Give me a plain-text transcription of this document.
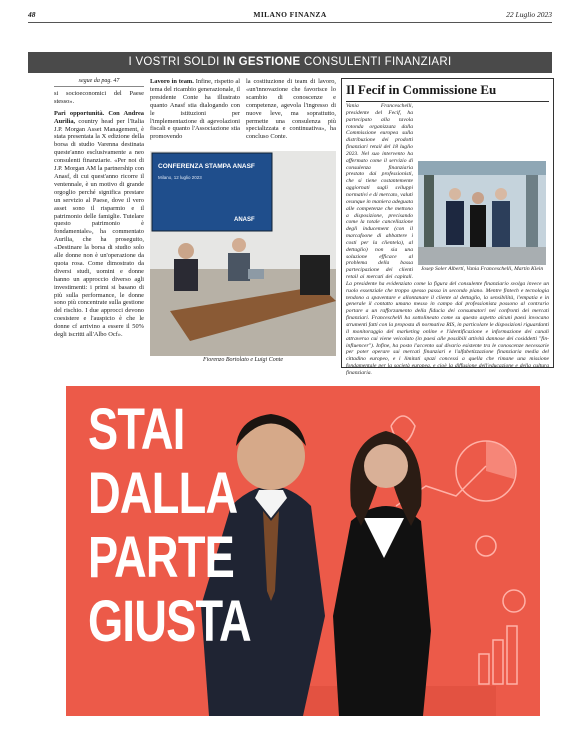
48	MILANO FINANZA	22 Luglio 2023
I VOSTRI SOLDI IN GESTIONE CONSULENTI FINANZIARI
segue da pag. 47

si socioeconomici del Paese stesso».

Pari opportunità. Con Andrea Aurilia, country head per l'Italia J.P. Morgan Asset Management, è stata presentata la X edizione della borsa di studio Varenna destinata queste'anno esclusivamente a neo consulenti finanziarie. «Per noi di J.P. Morgan AM la partnership con Anasf, di cui quest'anno ricorre il ventennale, è un motivo di grande orgoglio perché significa prestare un servizio al Paese, dove il vero asset sono il risparmio e il patrimonio delle famiglie. Tutelare questo patrimonio è fondamentale», ha commentato Aurilia, che ha proseguito, «Destinare la borsa di studio solo alle donne non è un'operazione da quota rosa. Come dimostrato da diversi studi, uomini e donne hanno un approccio diverso agli investimenti: i primi si basano di più sulla performance, le donne sono più concentrate sulla gestione del rischio. I due approcci devono coesistere e l'auspicio è che le donne cf arrivino a essere il 50% degli iscritti all'Albo Ocf».

Lavoro in team. Infine, rispetto al tema del ricambio generazionale, il presidente Conte ha illustrato quanto Anasf stia dialogando con le istituzioni per l'implementazione di agevolazioni fiscali e quanto l'Associazione stia promovendo

la costituzione di team di lavoro, «un'innovazione che favorisce lo scambio di conoscenze e competenze, agevola l'ingresso di nuove leve, ma soprattutto, permette una consulenza più specializzata e continuativa», ha concluso Conte.

CONFERENZA STAMPA ANASF
Milano, 12 luglio 2023
ANASF
Fiorenzo Bortolato e Luigi Conte
Il Fecif in Commissione Eu
Vania Franceschelli, presidente del Fecif, ha partecipato alla tavola rotonda organizzata dalla Commissione europea sulla distribuzione dei prodotti finanziari retail del 18 luglio 2023. Nel suo intervento ha affermato come il servizio di consulenza finanziaria prestato dai professionisti, che si tiene costantemente aggiornati sugli sviluppi normativi e di mercato, valuti ovunque in maniera adeguata alle competenze che mettono a disposizione, precisando come la totale cancellazione degli inducement (con il marcafoone di abbattere i costi per la clientela), al dettaglio) non sia una soluzione efficace al problema della bassa partecipazione dei clienti retail ai mercati dei capitali. La presidente ha evidenziato come la figura del consulente finanziario svolga invece un ruolo essenziale che troppo spesso passa in secondo piano. Mentre fintech e tecnologia tendono a spaventare e allontanare il cliente al dettaglio, la sensibilità, l'empatia e in generale il contatto umano messo in campo dal professionista possono al contrario portare a un rafforzamento della fiducia dei consumatori nei confronti dei mercati finanziari. Franceschelli ha sottolineato come su questo aspetto alcuni paesi invocano strumenti fatti con la proposta di normativa RIS, in particolare le disposizioni riguardanti il monitoraggio del marketing online e l'identificazione e informazione dei canali attraverso cui viene veicolato (in paesi alle possibili attività dannose dei cosiddetti "fin-influencer"). Infine, ha posto l'accento sul divario esistente tra le conoscenze necessarie per poter operare sui mercati finanziari e l'alfabetizzazione finanziaria media del cittadino europeo, e i limitati spazi concessi a quella che rimane una missione fondamentale per la società europea, e cioè la diffusione dell'educazione e della cultura finanziaria.
Josep Soler Albertí, Vania Franceschelli, Martin Klein
STAI
DALLA
PARTE
GIUSTA
